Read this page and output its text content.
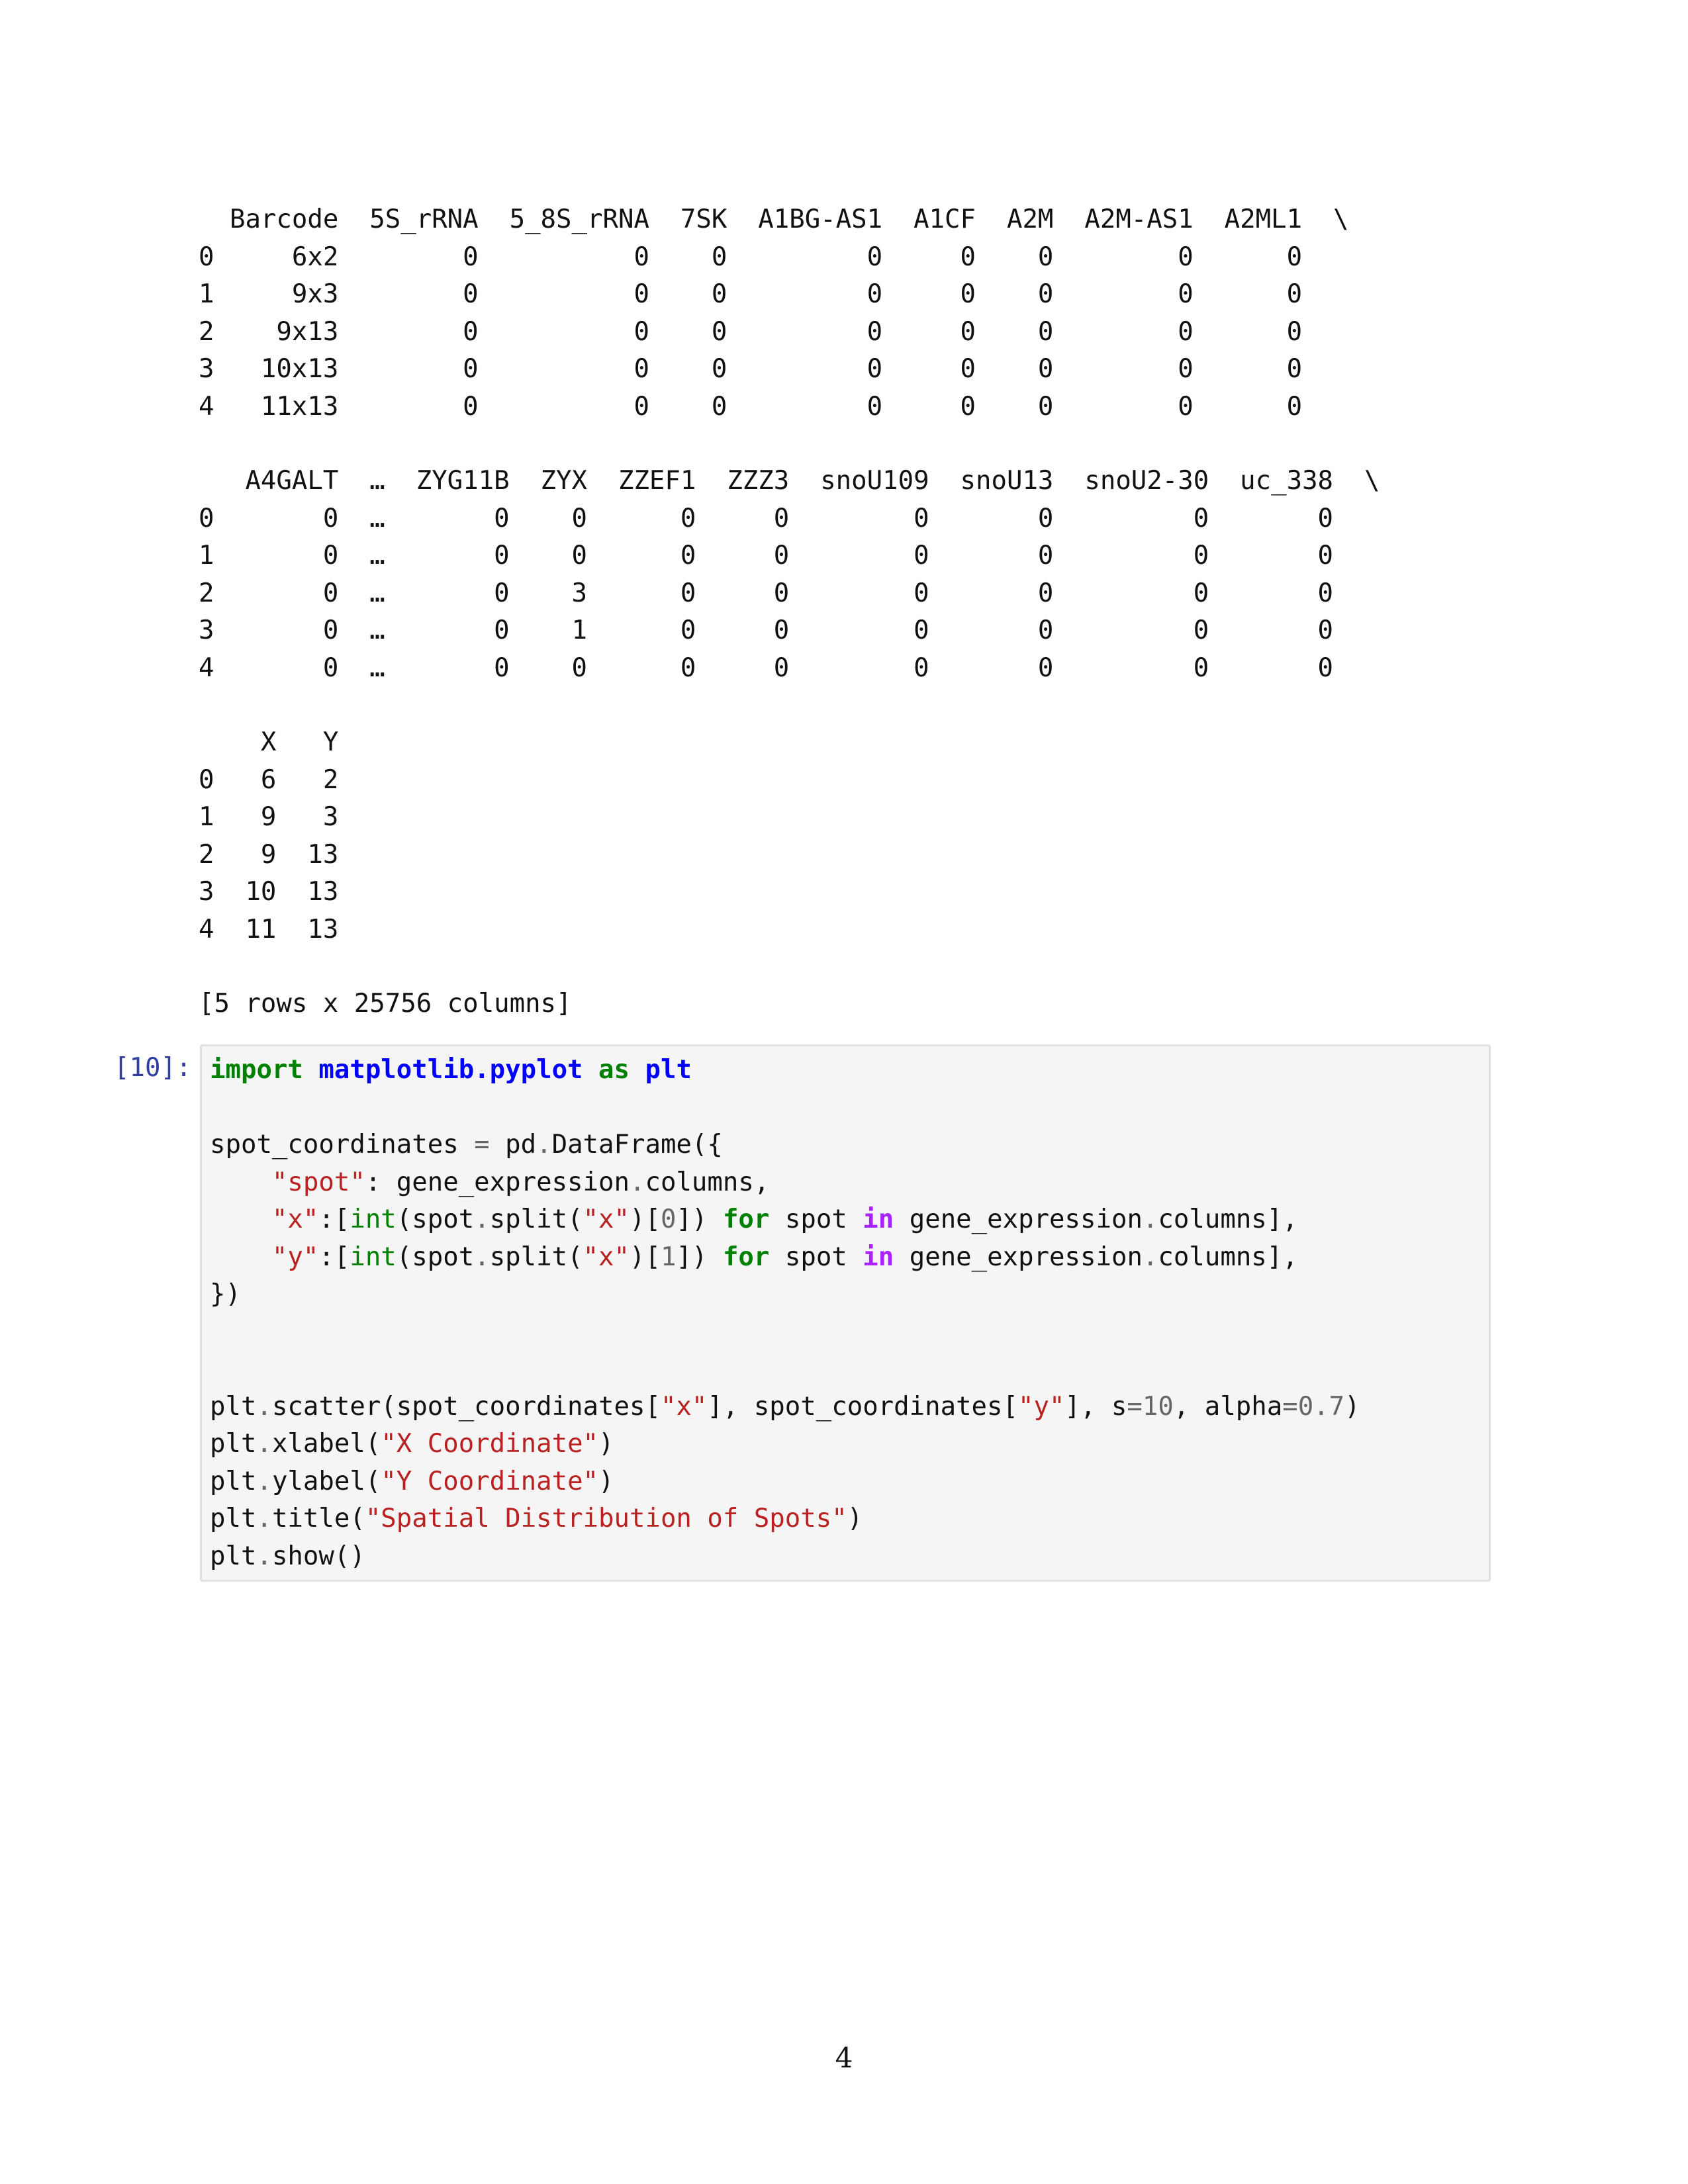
Barcode  5S_rRNA  5_8S_rRNA  7SK  A1BG-AS1  A1CF  A2M  A2M-AS1  A2ML1  \
0     6x2        0          0    0         0     0    0        0      0
1     9x3        0          0    0         0     0    0        0      0
2    9x13        0          0    0         0     0    0        0      0
3   10x13        0          0    0         0     0    0        0      0
4   11x13        0          0    0         0     0    0        0      0
A4GALT  …  ZYG11B  ZYX  ZZEF1  ZZZ3  snoU109  snoU13  snoU2-30  uc_338  \
0       0  …       0    0      0     0        0       0         0       0
1       0  …       0    0      0     0        0       0         0       0
2       0  …       0    3      0     0        0       0         0       0
3       0  …       0    1      0     0        0       0         0       0
4       0  …       0    0      0     0        0       0         0       0
X   Y
0   6   2
1   9   3
2   9  13
3  10  13
4  11  13
[5 rows x 25756 columns]
[10]: import matplotlib.pyplot as plt

spot_coordinates = pd.DataFrame({
"spot": gene_expression.columns,
"x":[int(spot.split("x")[0]) for spot in gene_expression.columns],
"y":[int(spot.split("x")[1]) for spot in gene_expression.columns],
})

plt.scatter(spot_coordinates["x"], spot_coordinates["y"], s=10, alpha=0.7)
plt.xlabel("X Coordinate")
plt.ylabel("Y Coordinate")
plt.title("Spatial Distribution of Spots")
plt.show()
4
